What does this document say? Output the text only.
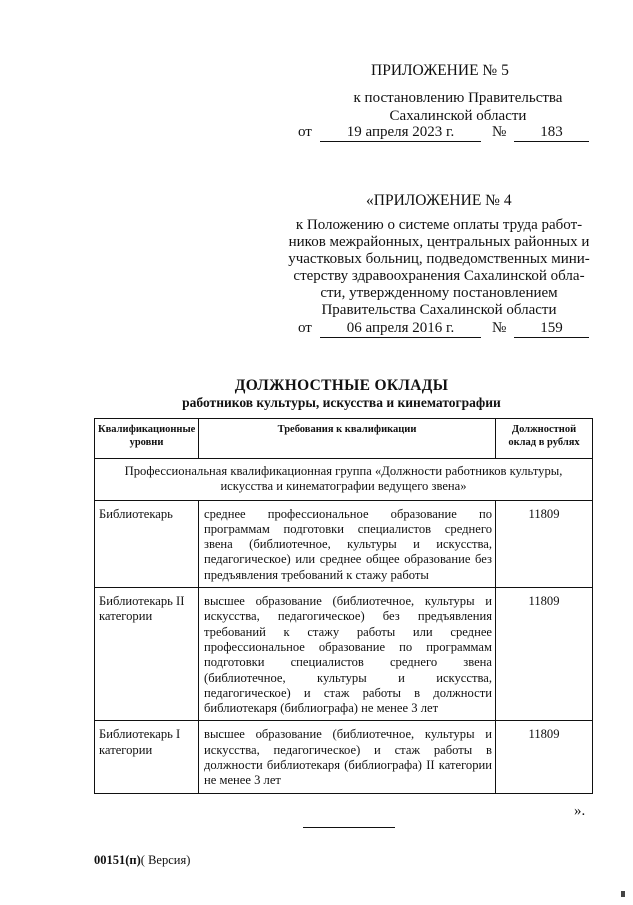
ПРИЛОЖЕНИЕ № 5
к постановлению Правительства
Сахалинской области
от	19 апреля 2023 г.	№	183
«ПРИЛОЖЕНИЕ № 4
к Положению о системе оплаты труда работ-
ников межрайонных, центральных районных и
участковых больниц, подведомственных мини-
стерству здравоохранения Сахалинской обла-
сти, утвержденному постановлением
Правительства Сахалинской области
от	06 апреля 2016 г.	№	159
ДОЛЖНОСТНЫЕ ОКЛАДЫ
работников культуры, искусства и кинематографии
Квалификационные уровни	Требования к квалификации	Должностной оклад в рублях
Профессиональная квалификационная группа «Должности работников культуры, искусства и кинематографии ведущего звена»		
Библиотекарь	среднее профессиональное образование по программам подготовки специалистов среднего звена (библиотечное, культуры и искусства, педагогическое) или среднее общее образование без предъявления требований к стажу работы	11809
Библиотекарь II категории	высшее образование (библиотечное, культуры и искусства, педагогическое) без предъявления требований к стажу работы или среднее профессиональное образование по программам подготовки специалистов среднего звена (библиотечное, культуры и искусства, педагогическое) и стаж работы в должности библиотекаря (библиографа) не менее 3 лет	11809
Библиотекарь I категории	высшее образование (библиотечное, культуры и искусства, педагогическое) и стаж работы в должности библиотекаря (библиографа) II категории не менее 3 лет	11809
».
00151(п)( Версия)
